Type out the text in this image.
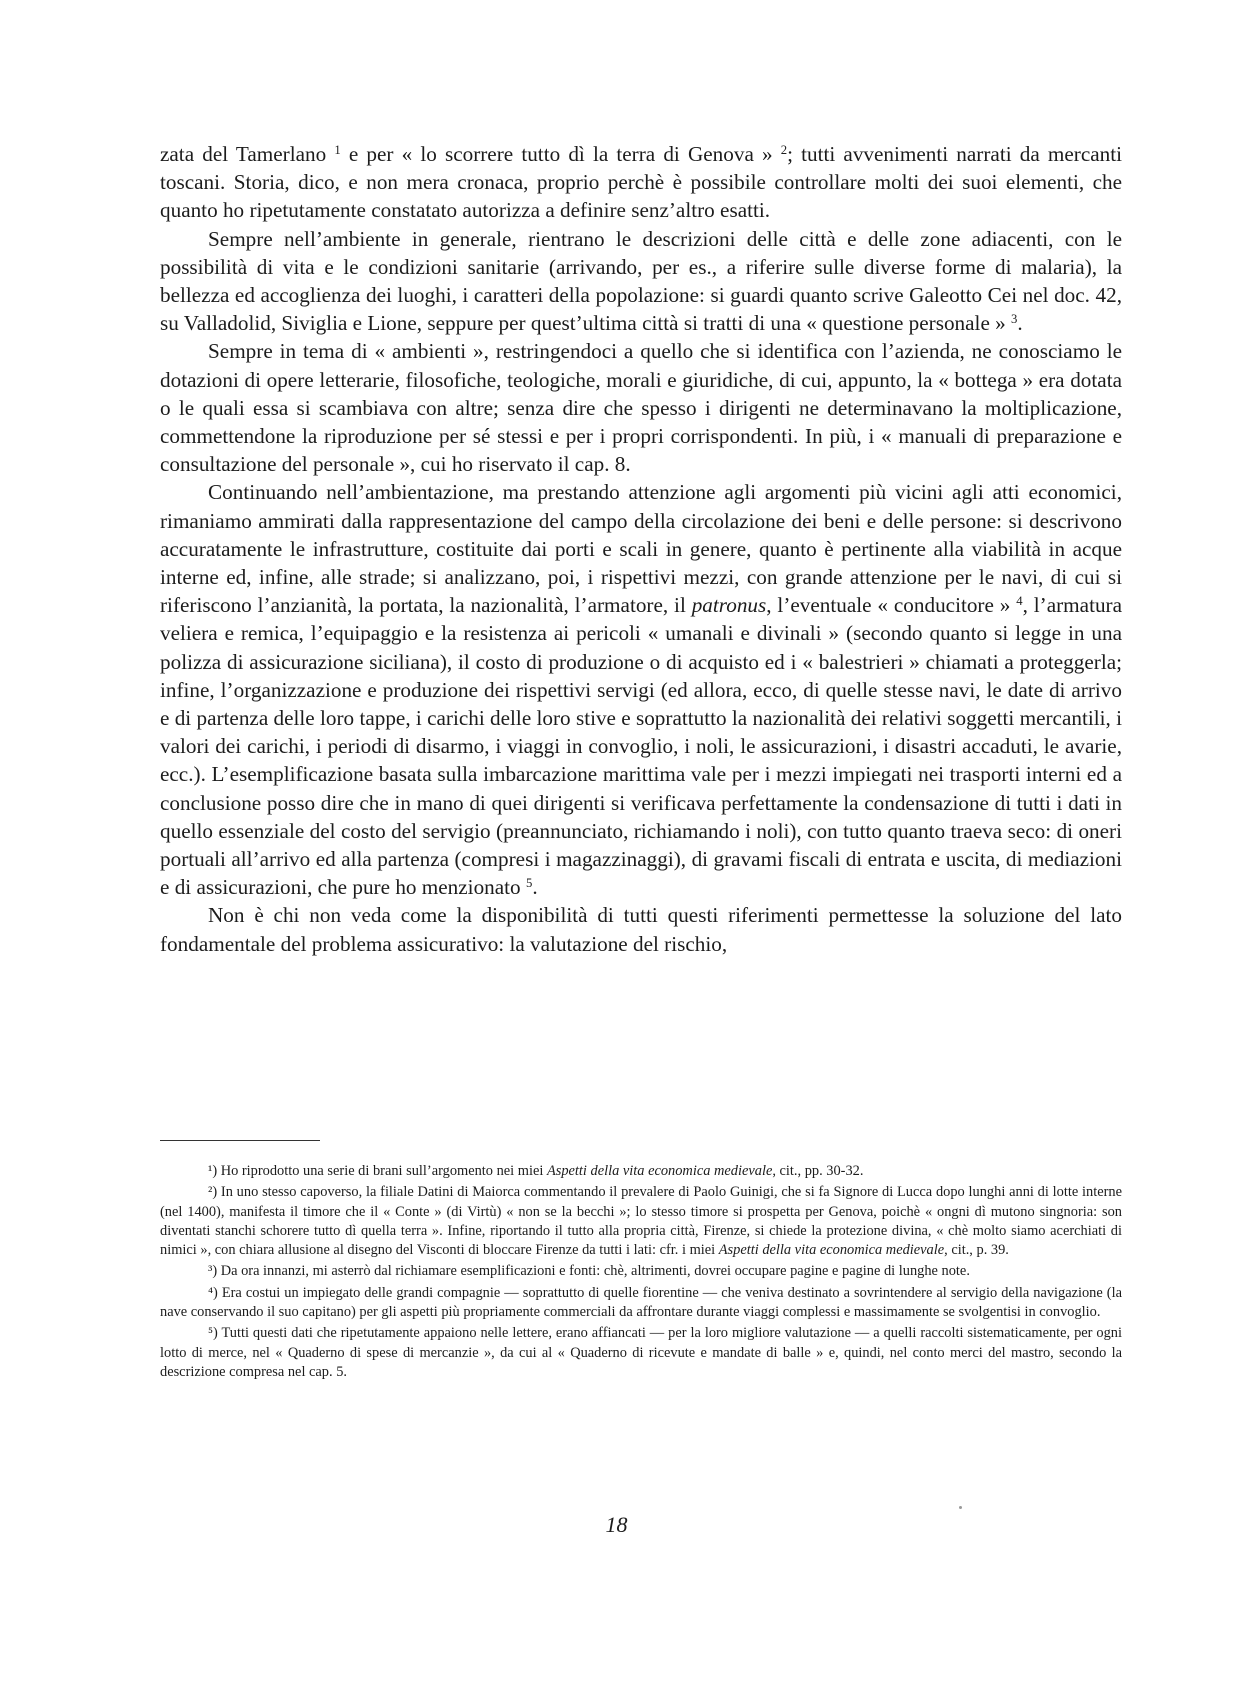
zata del Tamerlano $^1$ e per « lo scorrere tutto dì la terra di Genova » $^2$; tutti avvenimenti narrati da mercanti toscani. Storia, dico, e non mera cronaca, proprio perchè è possibile controllare molti dei suoi elementi, che quanto ho ripetutamente constatato autorizza a definire senz’altro esatti.

Sempre nell’ambiente in generale, rientrano le descrizioni delle città e delle zone adiacenti, con le possibilità di vita e le condizioni sanitarie (arrivando, per es., a riferire sulle diverse forme di malaria), la bellezza ed accoglienza dei luoghi, i caratteri della popolazione: si guardi quanto scrive Galeotto Cei nel doc. 42, su Valladolid, Siviglia e Lione, seppure per quest’ultima città si tratti di una « questione personale » $^3$.

Sempre in tema di « ambienti », restringendoci a quello che si identifica con l’azienda, ne conosciamo le dotazioni di opere letterarie, filosofiche, teologiche, morali e giuridiche, di cui, appunto, la « bottega » era dotata o le quali essa si scambiava con altre; senza dire che spesso i dirigenti ne determinavano la moltiplicazione, commettendone la riproduzione per sé stessi e per i propri corrispondenti. In più, i « manuali di preparazione e consultazione del personale », cui ho riservato il cap. 8.

Continuando nell’ambientazione, ma prestando attenzione agli argomenti più vicini agli atti economici, rimaniamo ammirati dalla rappresentazione del campo della circolazione dei beni e delle persone: si descrivono accuratamente le infrastrutture, costituite dai porti e scali in genere, quanto è pertinente alla viabilità in acque interne ed, infine, alle strade; si analizzano, poi, i rispettivi mezzi, con grande attenzione per le navi, di cui si riferiscono l’anzianità, la portata, la nazionalità, l’armatore, il patronus, l’eventuale « conducitore » $^4$, l’armatura veliera e remica, l’equipaggio e la resistenza ai pericoli « umanali e divinali » (secondo quanto si legge in una polizza di assicurazione siciliana), il costo di produzione o di acquisto ed i « balestrieri » chiamati a proteggerla; infine, l’organizzazione e produzione dei rispettivi servigi (ed allora, ecco, di quelle stesse navi, le date di arrivo e di partenza delle loro tappe, i carichi delle loro stive e soprattutto la nazionalità dei relativi soggetti mercantili, i valori dei carichi, i periodi di disarmo, i viaggi in convoglio, i noli, le assicurazioni, i disastri accaduti, le avarie, ecc.). L’esemplificazione basata sulla imbarcazione marittima vale per i mezzi impiegati nei trasporti interni ed a conclusione posso dire che in mano di quei dirigenti si verificava perfettamente la condensazione di tutti i dati in quello essenziale del costo del servigio (preannunciato, richiamando i noli), con tutto quanto traeva seco: di oneri portuali all’arrivo ed alla partenza (compresi i magazzinaggi), di gravami fiscali di entrata e uscita, di mediazioni e di assicurazioni, che pure ho menzionato $^5$.

Non è chi non veda come la disponibilità di tutti questi riferimenti permettesse la soluzione del lato fondamentale del problema assicurativo: la valutazione del rischio,

¹) Ho riprodotto una serie di brani sull’argomento nei miei Aspetti della vita economica medievale, cit., pp. 30-32.

²) In uno stesso capoverso, la filiale Datini di Maiorca commentando il prevalere di Paolo Guinigi, che si fa Signore di Lucca dopo lunghi anni di lotte interne (nel 1400), manifesta il timore che il « Conte » (di Virtù) « non se la becchi »; lo stesso timore si prospetta per Genova, poichè « ongni dì mutono singnoria: son diventati stanchi schorere tutto dì quella terra ». Infine, riportando il tutto alla propria città, Firenze, si chiede la protezione divina, « chè molto siamo acerchiati di nimici », con chiara allusione al disegno del Visconti di bloccare Firenze da tutti i lati: cfr. i miei Aspetti della vita economica medievale, cit., p. 39.

³) Da ora innanzi, mi asterrò dal richiamare esemplificazioni e fonti: chè, altrimenti, dovrei occupare pagine e pagine di lunghe note.

⁴) Era costui un impiegato delle grandi compagnie — soprattutto di quelle fiorentine — che veniva destinato a sovrintendere al servigio della navigazione (la nave conservando il suo capitano) per gli aspetti più propriamente commerciali da affrontare durante viaggi complessi e massimamente se svolgentisi in convoglio.

⁵) Tutti questi dati che ripetutamente appaiono nelle lettere, erano affiancati — per la loro migliore valutazione — a quelli raccolti sistematicamente, per ogni lotto di merce, nel « Quaderno di spese di mercanzie », da cui al « Quaderno di ricevute e mandate di balle » e, quindi, nel conto merci del mastro, secondo la descrizione compresa nel cap. 5.

18
